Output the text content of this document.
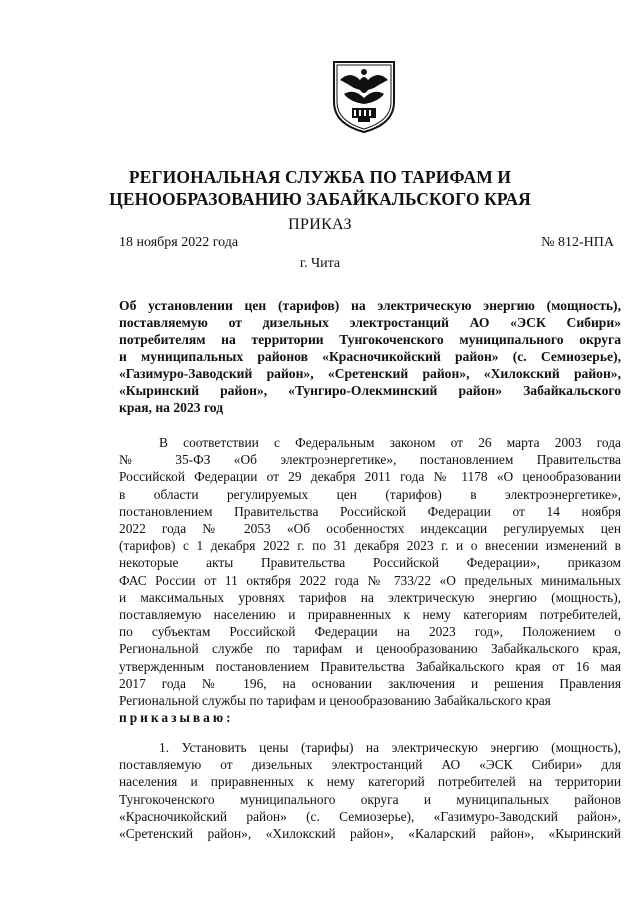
РЕГИОНАЛЬНАЯ СЛУЖБА ПО ТАРИФАМ И
ЦЕНООБРАЗОВАНИЮ ЗАБАЙКАЛЬСКОГО КРАЯ
ПРИКАЗ
18 ноября 2022 года	№ 812-НПА
г. Чита
Об установлении цен (тарифов) на электрическую энергию (мощность),
поставляемую от дизельных электростанций АО «ЭСК Сибири»
потребителям на территории Тунгокоченского муниципального округа
и муниципальных районов «Красночикойский район» (с. Семиозерье),
«Газимуро-Заводский район», «Сретенский район», «Хилокский район»,
«Кыринский район», «Тунгиро-Олекминский район» Забайкальского
края, на 2023 год
В соответствии с Федеральным законом от 26 марта 2003 года
№ 35-ФЗ «Об электроэнергетике», постановлением Правительства
Российской Федерации от 29 декабря 2011 года № 1178 «О ценообразовании
в области регулируемых цен (тарифов) в электроэнергетике»,
постановлением Правительства Российской Федерации от 14 ноября
2022 года № 2053 «Об особенностях индексации регулируемых цен
(тарифов) с 1 декабря 2022 г. по 31 декабря 2023 г. и о внесении изменений в
некоторые акты Правительства Российской Федерации», приказом
ФАС России от 11 октября 2022 года № 733/22 «О предельных минимальных
и максимальных уровнях тарифов на электрическую энергию (мощность),
поставляемую населению и приравненных к нему категориям потребителей,
по субъектам Российской Федерации на 2023 год», Положением о
Региональной службе по тарифам и ценообразованию Забайкальского края,
утвержденным постановлением Правительства Забайкальского края от 16 мая
2017 года № 196, на основании заключения и решения Правления
Региональной службы по тарифам и ценообразованию Забайкальского края
приказываю:
1. Установить цены (тарифы) на электрическую энергию (мощность),
поставляемую от дизельных электростанций АО «ЭСК Сибири» для
населения и приравненных к нему категорий потребителей на территории
Тунгокоченского муниципального округа и муниципальных районов
«Красночикойский район» (с. Семиозерье), «Газимуро-Заводский район»,
«Сретенский район», «Хилокский район», «Каларский район», «Кыринский
